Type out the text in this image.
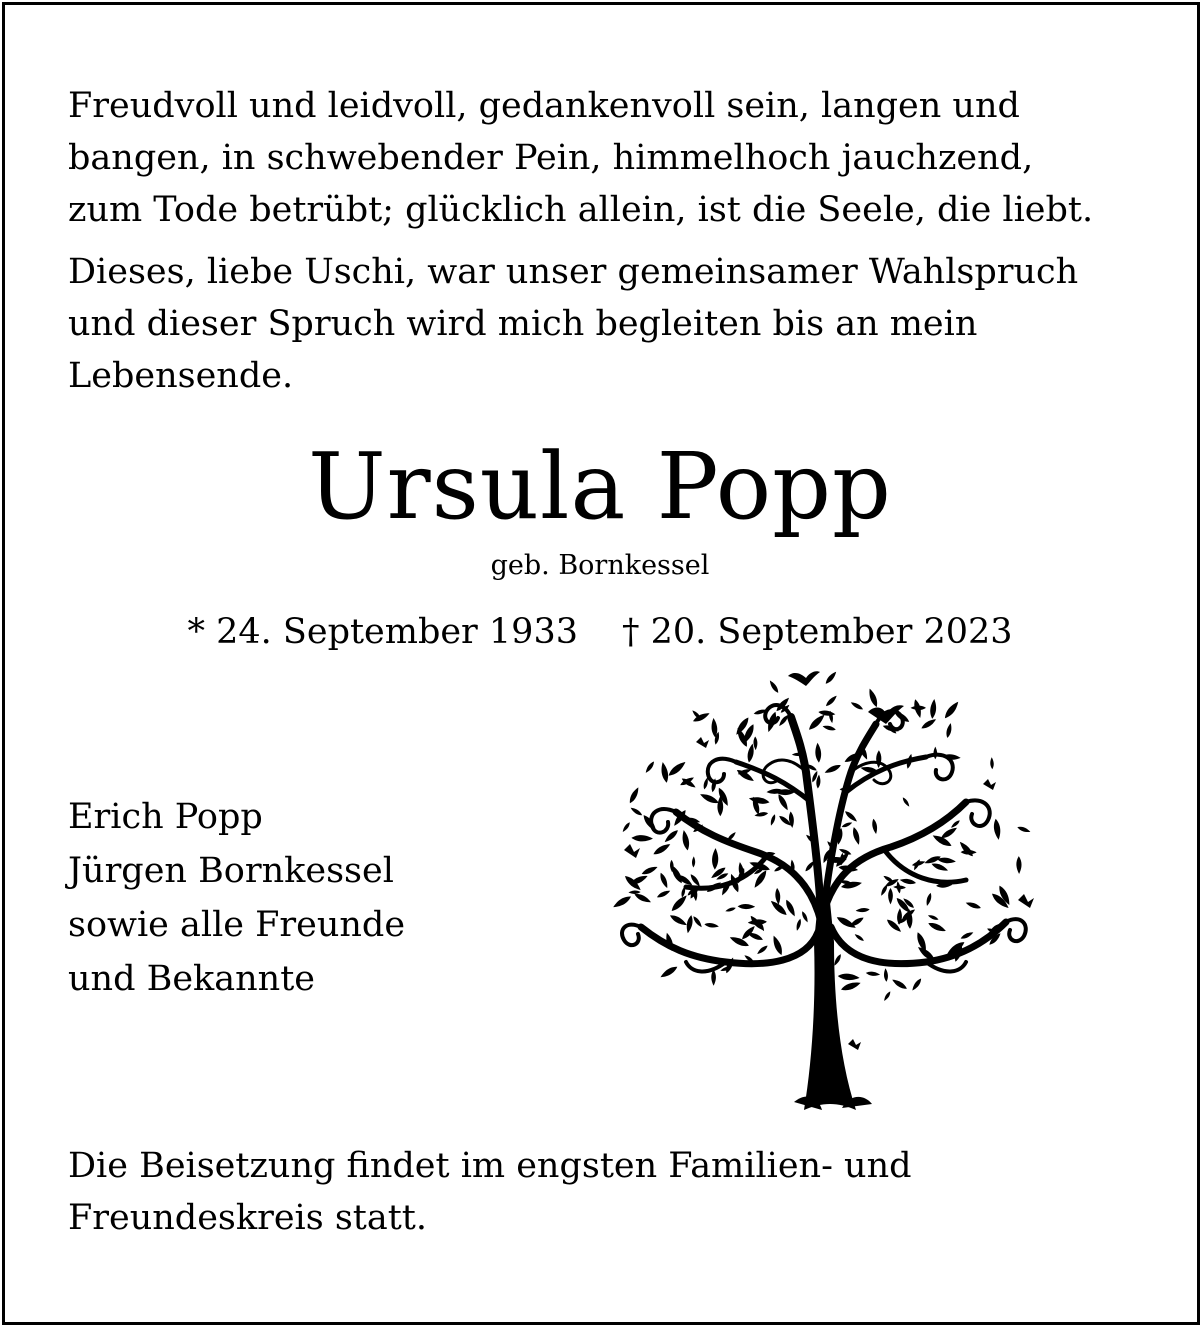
Freudvoll und leidvoll, gedankenvoll sein, langen und
bangen, in schwebender Pein, himmelhoch jauchzend,
zum Tode betrübt; glücklich allein, ist die Seele, die liebt.

Dieses, liebe Uschi, war unser gemeinsamer Wahlspruch
und dieser Spruch wird mich begleiten bis an mein
Lebensende.

Ursula Popp
geb. Bornkessel
* 24. September 1933 † 20. September 2023
Erich Popp
Jürgen Bornkessel
sowie alle Freunde
und Bekannte
Die Beisetzung findet im engsten Familien- und
Freundeskreis statt.
